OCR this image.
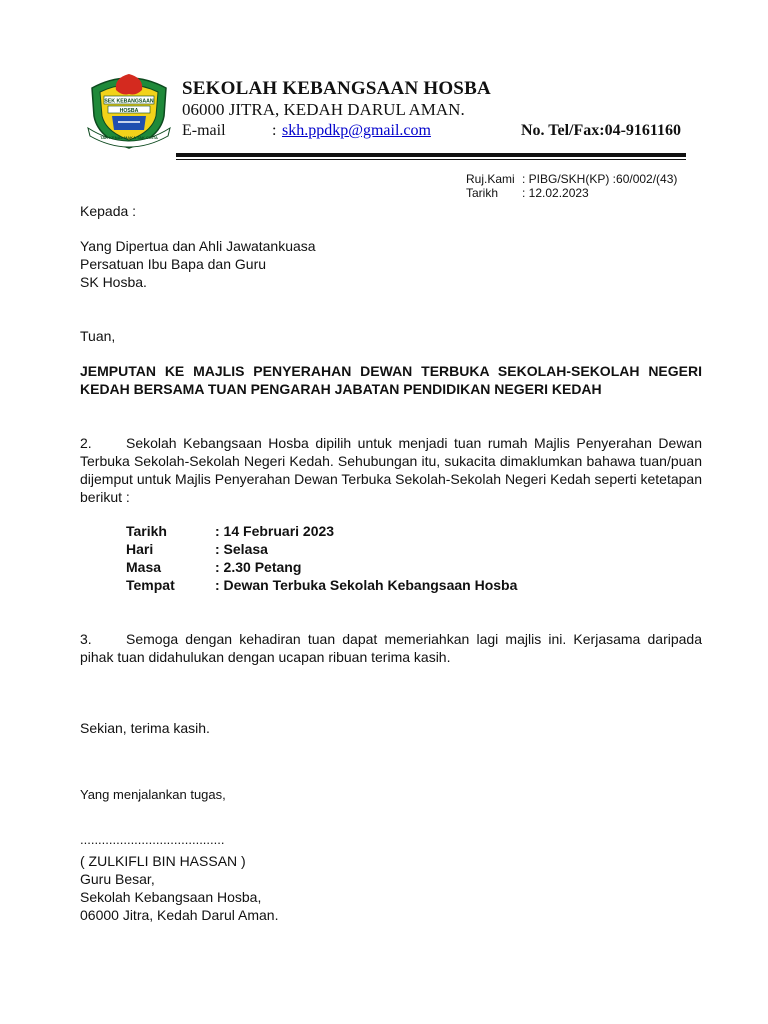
SEK KEBANGSAAN
HOSBA
TAK KENAL MAKA TAK CINTA
SEKOLAH KEBANGSAAN HOSBA
06000 JITRA, KEDAH DARUL AMAN.
E-mail	: skh.ppdkp@gmail.com	No. Tel/Fax:04-9161160
Ruj.Kami : PIBG/SKH(KP) :60/002/(43)
Tarikh	: 12.02.2023
Kepada :
Yang Dipertua dan Ahli Jawatankuasa
Persatuan Ibu Bapa dan Guru
SK Hosba.
Tuan,
JEMPUTAN KE MAJLIS PENYERAHAN DEWAN TERBUKA SEKOLAH-SEKOLAH NEGERI KEDAH BERSAMA TUAN PENGARAH JABATAN PENDIDIKAN NEGERI KEDAH
2. Sekolah Kebangsaan Hosba dipilih untuk menjadi tuan rumah Majlis Penyerahan Dewan Terbuka Sekolah-Sekolah Negeri Kedah. Sehubungan itu, sukacita dimaklumkan bahawa tuan/puan dijemput untuk Majlis Penyerahan Dewan Terbuka Sekolah-Sekolah Negeri Kedah seperti ketetapan berikut :
Tarikh	: 14 Februari 2023
Hari	: Selasa
Masa	: 2.30 Petang
Tempat	: Dewan Terbuka Sekolah Kebangsaan Hosba
3. Semoga dengan kehadiran tuan dapat memeriahkan lagi majlis ini. Kerjasama daripada pihak tuan didahulukan dengan ucapan ribuan terima kasih.
Sekian, terima kasih.
Yang menjalankan tugas,
........................................
( ZULKIFLI BIN HASSAN )
Guru Besar,
Sekolah Kebangsaan Hosba,
06000 Jitra, Kedah Darul Aman.
